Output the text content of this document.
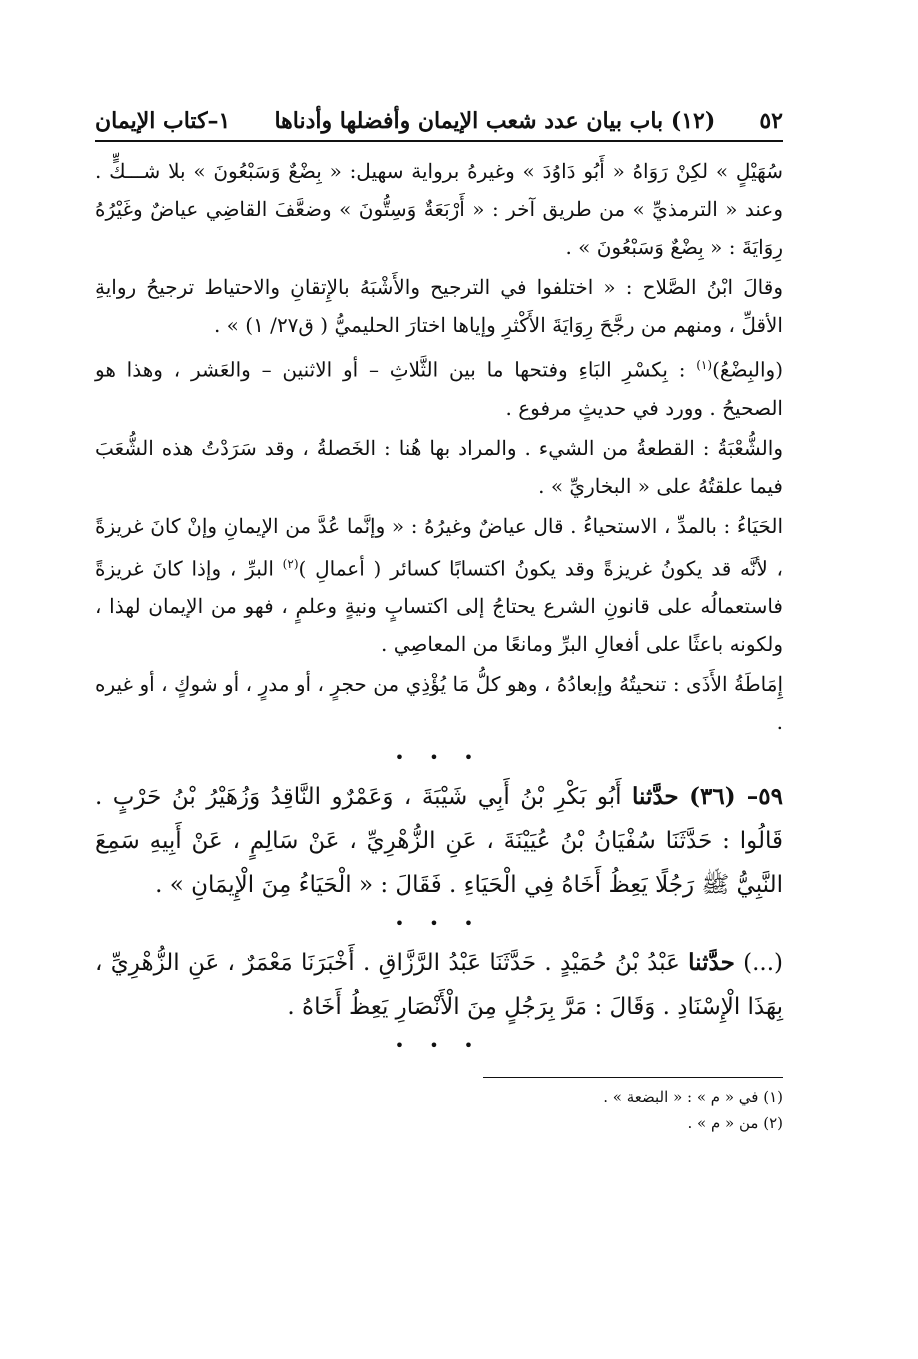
٥٢
(١٢) باب بيان عدد شعب الإيمان وأفضلها وأدناها
١–كتاب الإيمان

سُهَيْلٍ » لكِنْ رَوَاهُ « أَبُو دَاوُدَ » وغيرهُ برواية سهيل: « بِضْعٌ وَسَبْعُونَ » بلا شـــكٍّ . وعند « الترمذيِّ » من طريق آخر : « أَرْبَعَةٌ وَسِتُّونَ » وضعَّفَ القاضِي عياضٌ وغَيْرُهُ رِوَايَةَ : « بِضْعٌ وَسَبْعُونَ » .

وقالَ ابْنُ الصَّلاح : « اختلفوا في الترجيح والأَشْبَهُ بالإِتقانِ والاحتياط ترجيحُ روايةِ الأقلِّ ، ومنهم من رجَّحَ رِوَايَةَ الأَكْثرِ وإياها اختارَ الحليميُّ ( ق٢٧/ ١) » .

(والبِضْعُ)$^{(١)}$ : بِكسْرِ البَاءِ وفتحها ما بين الثَّلاثِ – أو الاثنين – والعَشر ، وهذا هو الصحيحُ . وورد في حديثٍ مرفوع .

والشُّعْبَةُ : القطعةُ من الشيء . والمراد بها هُنا : الخَصلةُ ، وقد سَرَدْتُ هذه الشُّعَبَ فيما علقتُهُ على « البخاريِّ » .

الحَيَاءُ : بالمدِّ ، الاستحياءُ . قال عياضٌ وغيرُهُ : « وإنَّما عُدَّ من الإيمانِ وإنْ كانَ غريزةً ، لأنَّه قد يكونُ غريزةً وقد يكونُ اكتسابًا كسائر ( أعمالِ )$^{(٢)}$ البرِّ ، وإذا كانَ غريزةً فاستعمالُه على قانونِ الشرع يحتاجُ إلى اكتسابٍ ونيةٍ وعلمٍ ، فهو من الإيمان لهذا ، ولكونه باعثًا على أفعالِ البرِّ ومانعًا من المعاصِي .

إِمَاطَةُ الأَذَى : تنحيتُهُ وإبعادُهُ ، وهو كلُّ مَا يُؤْذِي من حجرٍ ، أو مدرٍ ، أو شوكٍ ، أو غيره .

• • •

٥٩– (٣٦) حدَّثنا أَبُو بَكْرِ بْنُ أَبِي شَيْبَةَ ، وَعَمْرٌو النَّاقِدُ وَزُهَيْرُ بْنُ حَرْبٍ . قَالُوا : حَدَّثَنَا سُفْيَانُ بْنُ عُيَيْنَةَ ، عَنِ الزُّهْرِيِّ ، عَنْ سَالِمٍ ، عَنْ أَبِيهِ سَمِعَ النَّبِيُّ ﷺ رَجُلًا يَعِظُ أَخَاهُ فِي الْحَيَاءِ . فَقَالَ : « الْحَيَاءُ مِنَ الْإِيمَانِ » .

• • •

(...) حدَّثنا عَبْدُ بْنُ حُمَيْدٍ . حَدَّثَنَا عَبْدُ الرَّزَّاقِ . أَخْبَرَنَا مَعْمَرٌ ، عَنِ الزُّهْرِيِّ ، بِهَذَا الْإِسْنَادِ . وَقَالَ : مَرَّ بِرَجُلٍ مِنَ الْأَنْصَارِ يَعِظُ أَخَاهُ .

• • •
(١) في « م » : « البضعة » .
(٢) من « م » .
